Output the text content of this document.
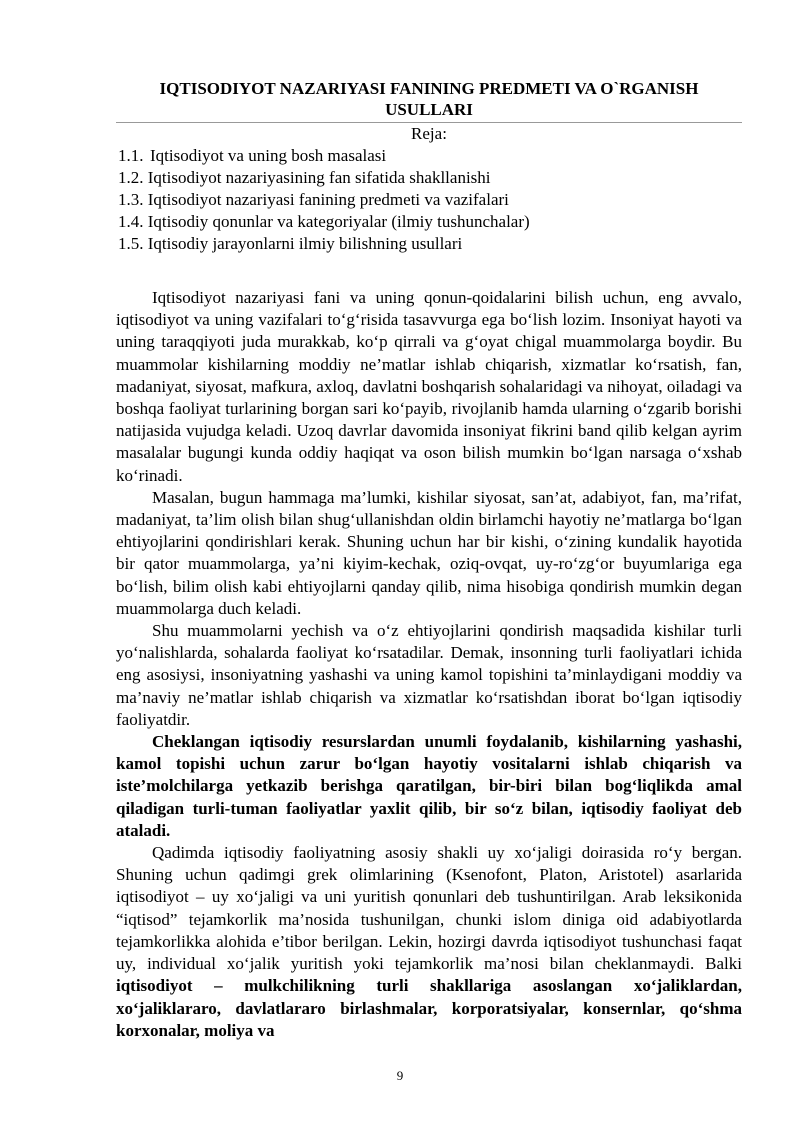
IQTISODIYOT NAZARIYASI FANINING PREDMETI VA O`RGANISH USULLARI

Reja:

1.1. Iqtisodiyot va uning bosh masalasi
1.2. Iqtisodiyot nazariyasining fan sifatida shakllanishi
1.3. Iqtisodiyot nazariyasi fanining predmeti va vazifalari
1.4. Iqtisodiy qonunlar va kategoriyalar (ilmiy tushunchalar)
1.5. Iqtisodiy jarayonlarni ilmiy bilishning usullari

Iqtisodiyot nazariyasi fani va uning qonun-qoidalarini bilish uchun, eng avvalo, iqtisodiyot va uning vazifalari to‘g‘risida tasavvurga ega bo‘lish lozim. Insoniyat hayoti va uning taraqqiyoti juda murakkab, ko‘p qirrali va g‘oyat chigal muammolarga boydir. Bu muammolar kishilarning moddiy ne’matlar ishlab chiqarish, xizmatlar ko‘rsatish, fan, madaniyat, siyosat, mafkura, axloq, davlatni boshqarish sohalaridagi va nihoyat, oiladagi va boshqa faoliyat turlarining borgan sari ko‘payib, rivojlanib hamda ularning o‘zgarib borishi natijasida vujudga keladi. Uzoq davrlar davomida insoniyat fikrini band qilib kelgan ayrim masalalar bugungi kunda oddiy haqiqat va oson bilish mumkin bo‘lgan narsaga o‘xshab ko‘rinadi.

Masalan, bugun hammaga ma’lumki, kishilar siyosat, san’at, adabiyot, fan, ma’rifat, madaniyat, ta’lim olish bilan shug‘ullanishdan oldin birlamchi hayotiy ne’matlarga bo‘lgan ehtiyojlarini qondirishlari kerak. Shuning uchun har bir kishi, o‘zining kundalik hayotida bir qator muammolarga, ya’ni kiyim-kechak, oziq-ovqat, uy-ro‘zg‘or buyumlariga ega bo‘lish, bilim olish kabi ehtiyojlarni qanday qilib, nima hisobiga qondirish mumkin degan muammolarga duch keladi.

Shu muammolarni yechish va o‘z ehtiyojlarini qondirish maqsadida kishilar turli yo‘nalishlarda, sohalarda faoliyat ko‘rsatadilar. Demak, insonning turli faoliyatlari ichida eng asosiysi, insoniyatning yashashi va uning kamol topishini ta’minlaydigani moddiy va ma’naviy ne’matlar ishlab chiqarish va xizmatlar ko‘rsatishdan iborat bo‘lgan iqtisodiy faoliyatdir.

Cheklangan iqtisodiy resurslardan unumli foydalanib, kishilarning yashashi, kamol topishi uchun zarur bo‘lgan hayotiy vositalarni ishlab chiqarish va iste’molchilarga yetkazib berishga qaratilgan, bir-biri bilan bog‘liqlikda amal qiladigan turli-tuman faoliyatlar yaxlit qilib, bir so‘z bilan, iqtisodiy faoliyat deb ataladi.

Qadimda iqtisodiy faoliyatning asosiy shakli uy xo‘jaligi doirasida ro‘y bergan. Shuning uchun qadimgi grek olimlarining (Ksenofont, Platon, Aristotel) asarlarida iqtisodiyot – uy xo‘jaligi va uni yuritish qonunlari deb tushuntirilgan. Arab leksikonida “iqtisod” tejamkorlik ma’nosida tushunilgan, chunki islom diniga oid adabiyotlarda tejamkorlikka alohida e’tibor berilgan. Lekin, hozirgi davrda iqtisodiyot tushunchasi faqat uy, individual xo‘jalik yuritish yoki tejamkorlik ma’nosi bilan cheklanmaydi. Balki iqtisodiyot – mulkchilikning turli shakllariga asoslangan xo‘jaliklardan, xo‘jaliklararo, davlatlararo birlashmalar, korporatsiyalar, konsernlar, qo‘shma korxonalar, moliya va

9
